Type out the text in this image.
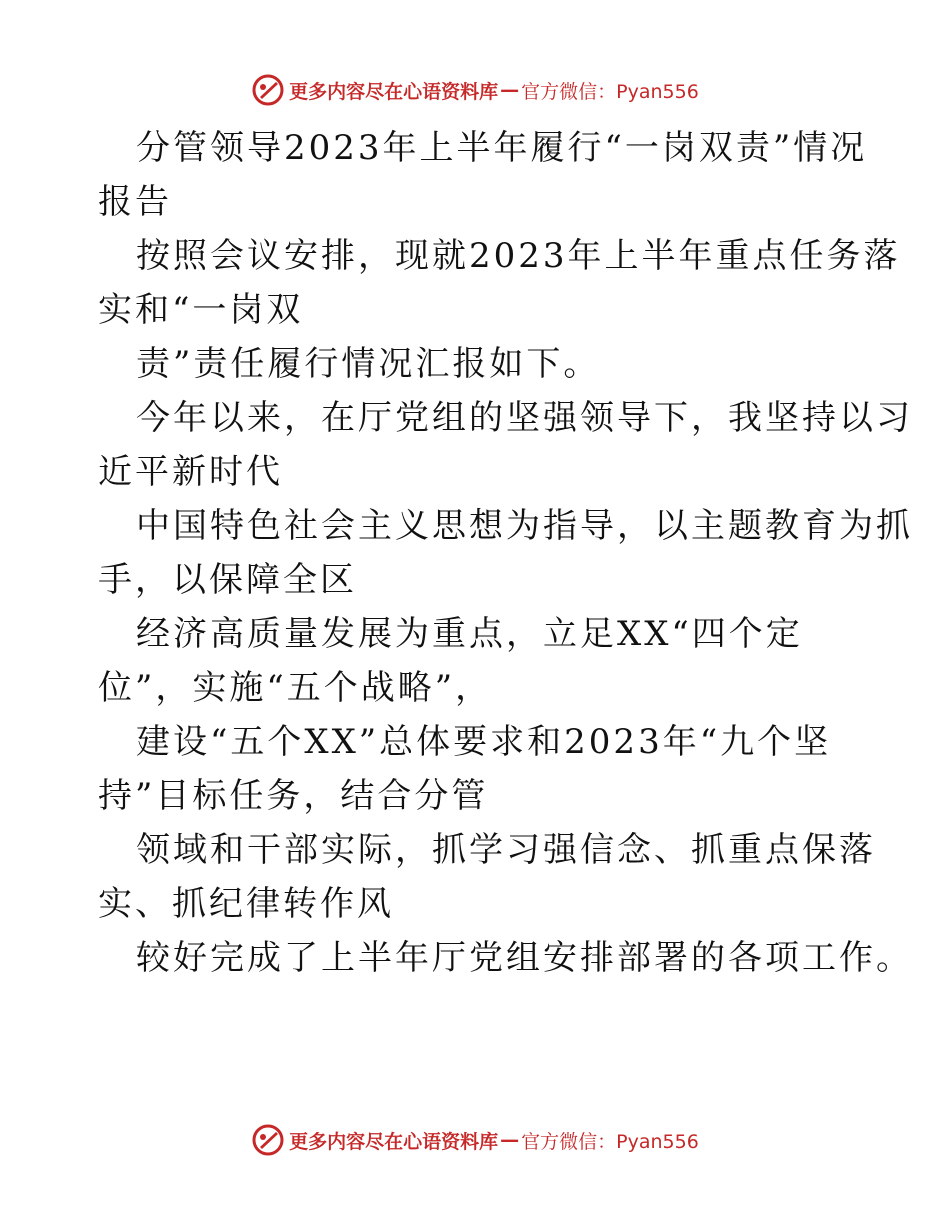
更多内容尽在心语资料库 — 官方微信：Pyan556
分管领导2023年上半年履行“一岗双责”情况
报告
按照会议安排，现就2023年上半年重点任务落
实和“一岗双
责”责任履行情况汇报如下。
今年以来，在厅党组的坚强领导下，我坚持以习
近平新时代
中国特色社会主义思想为指导，以主题教育为抓
手，以保障全区
经济高质量发展为重点，立足XX“四个定
位”，实施“五个战略”，
建设“五个XX”总体要求和2023年“九个坚
持”目标任务，结合分管
领域和干部实际，抓学习强信念、抓重点保落
实、抓纪律转作风
较好完成了上半年厅党组安排部署的各项工作。
更多内容尽在心语资料库 — 官方微信：Pyan556
